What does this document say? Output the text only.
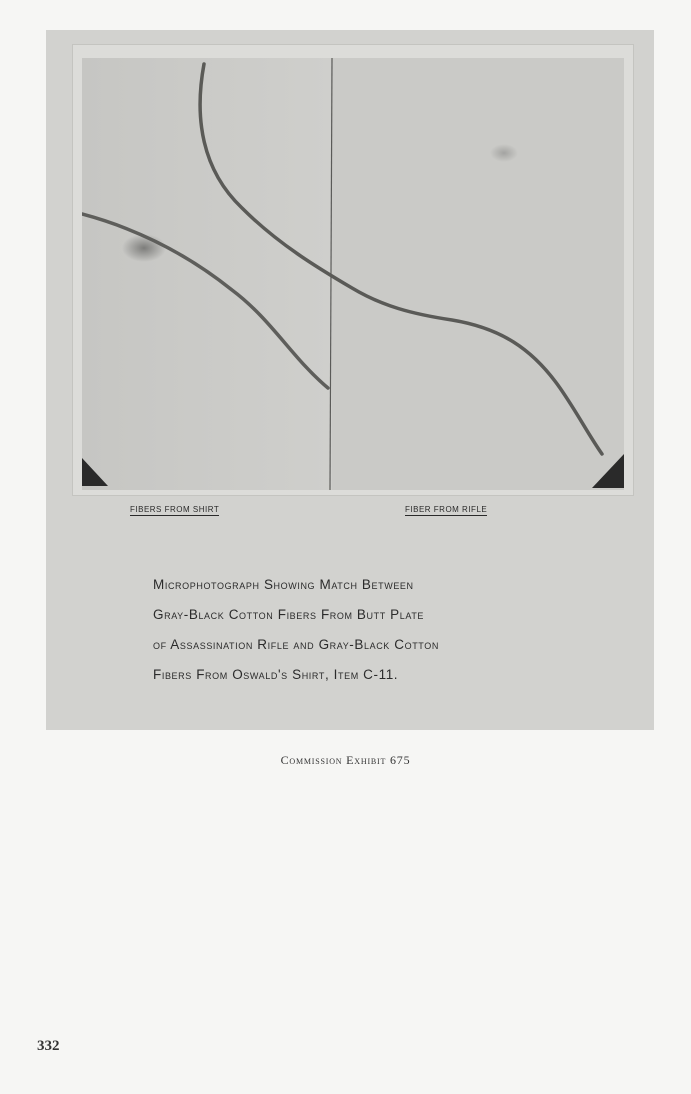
FIBERS FROM SHIRT	FIBER FROM RIFLE
Microphotograph Showing Match Between
Gray-Black Cotton Fibers From Butt Plate
of Assassination Rifle and Gray-Black Cotton
Fibers From Oswald's Shirt, Item C-11.
Commission Exhibit 675
332
